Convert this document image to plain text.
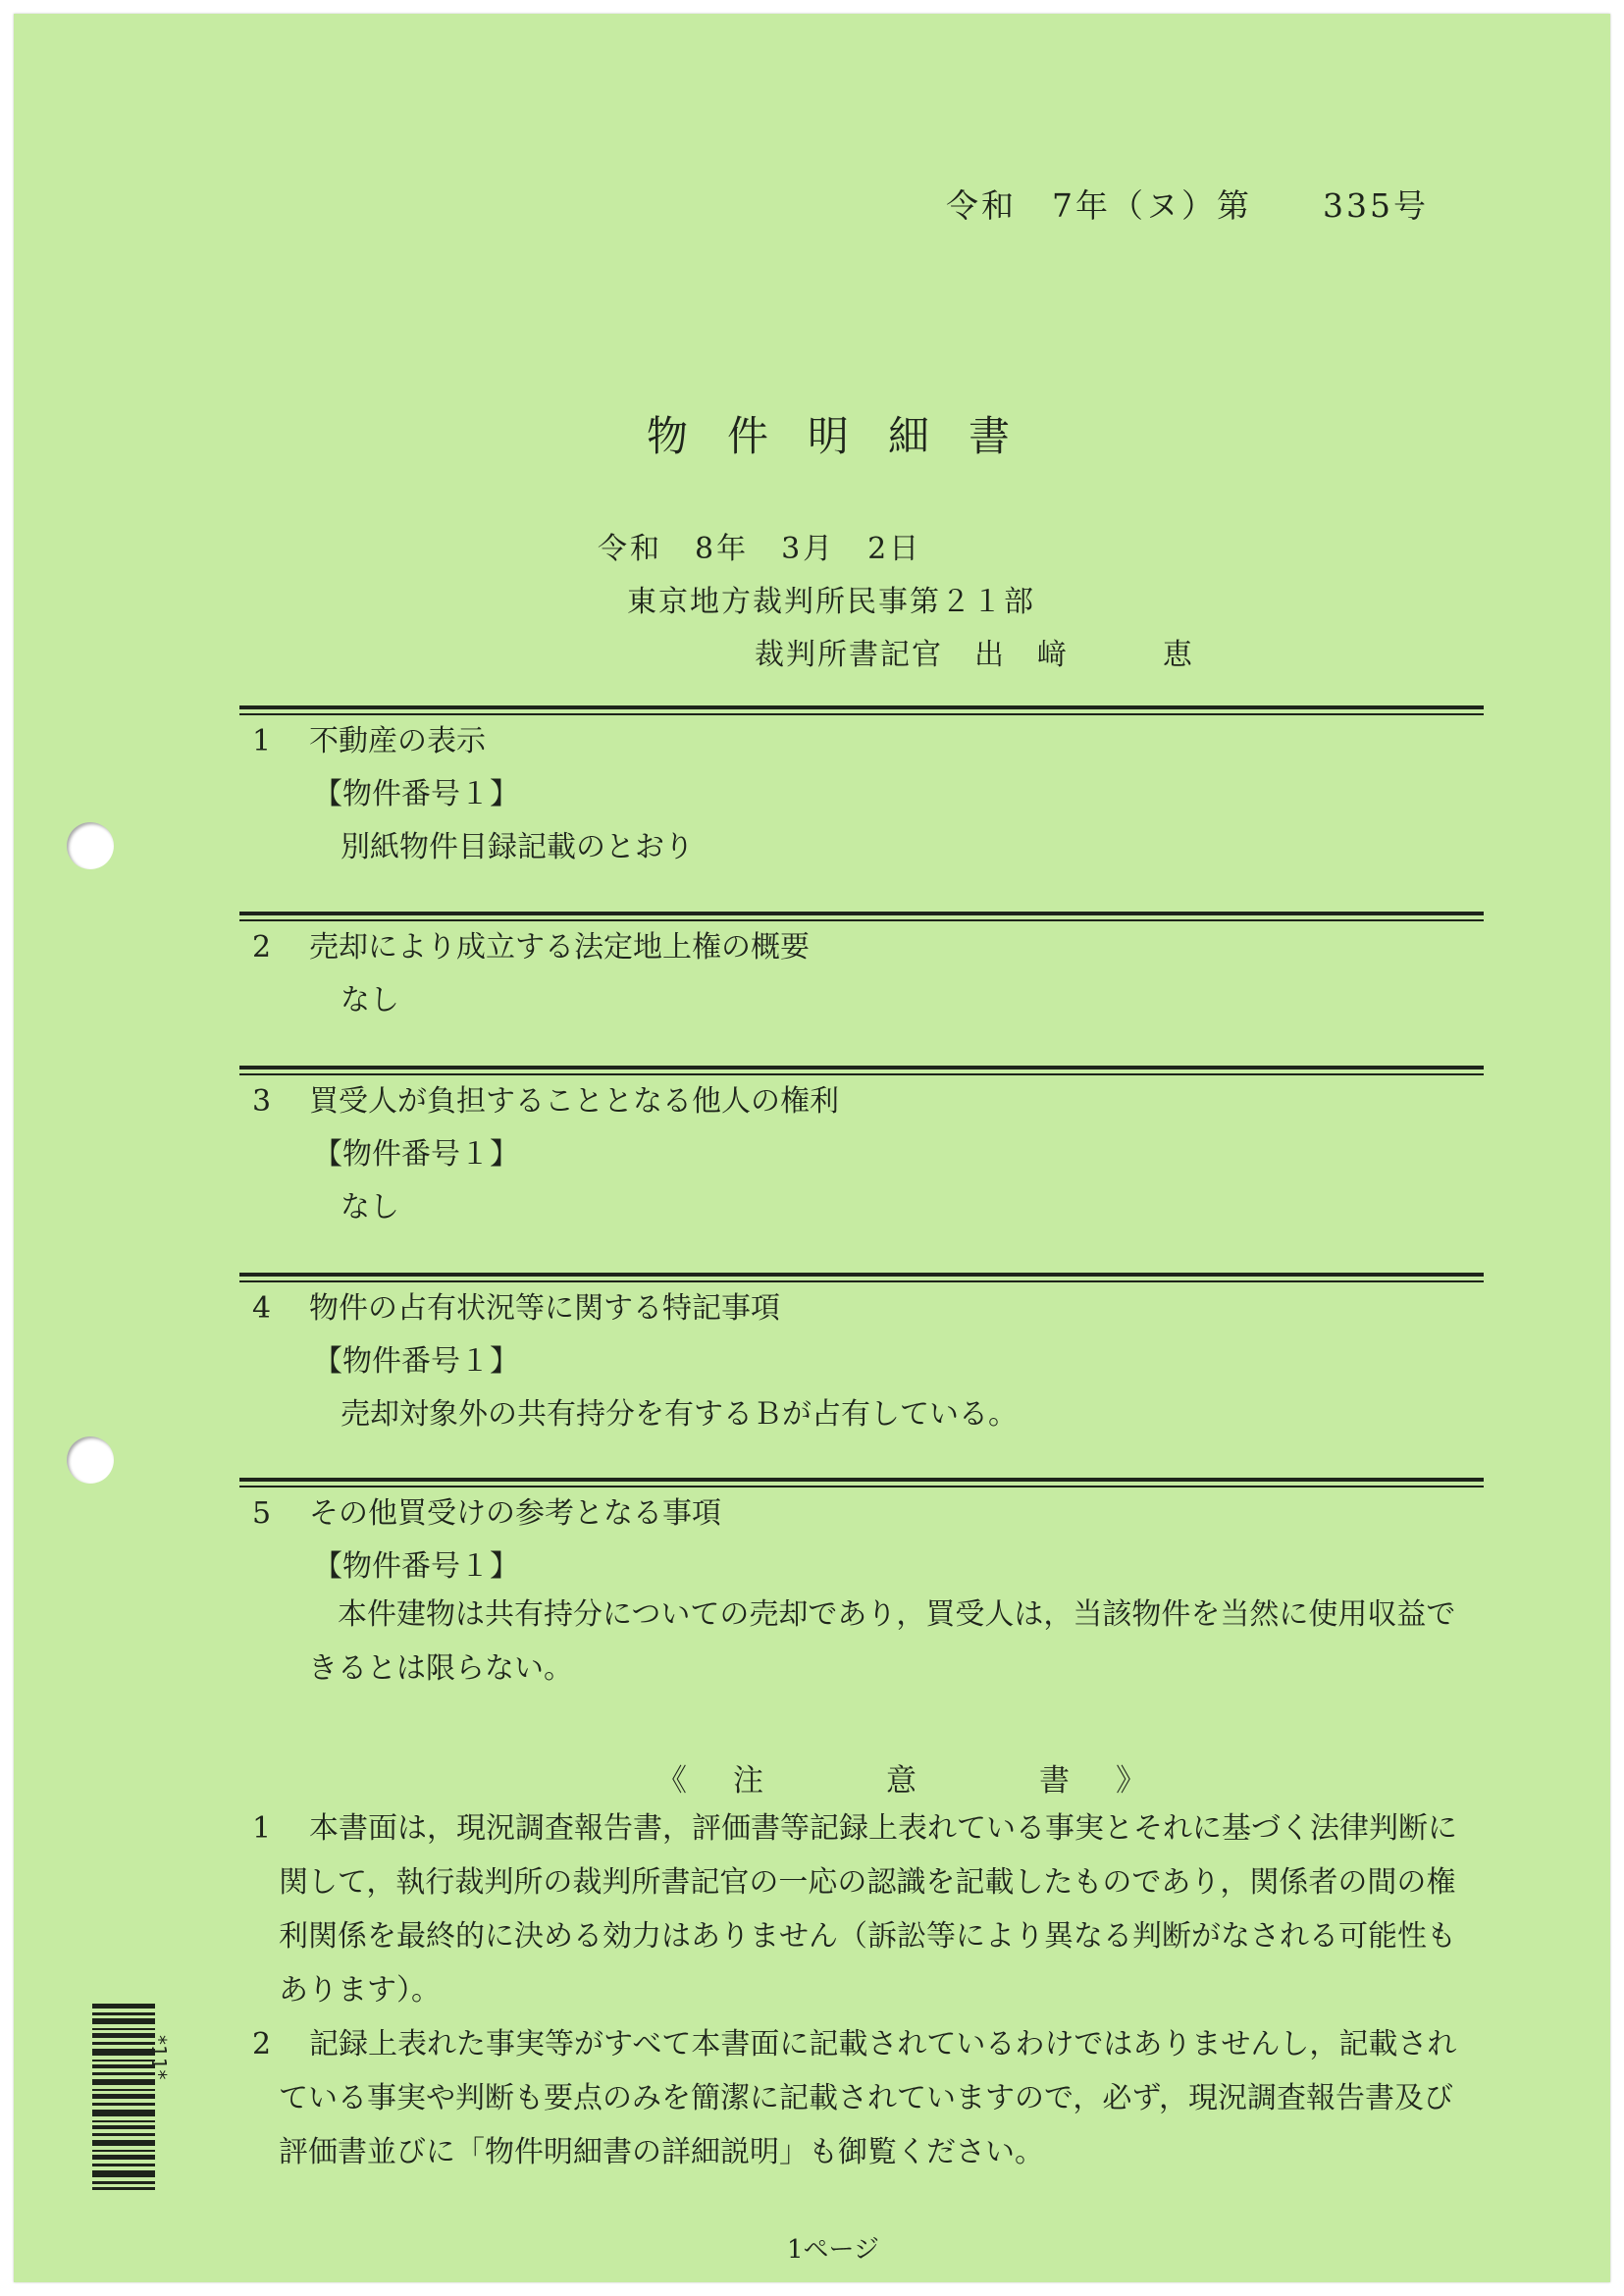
令和　7年（ヌ）第　　335号
物件明細書
令和　8年　3月　2日
東京地方裁判所民事第２１部
裁判所書記官　出　﨑　　　恵
1 不動産の表示
【物件番号１】
別紙物件目録記載のとおり
2 売却により成立する法定地上権の概要
なし
3 買受人が負担することとなる他人の権利
【物件番号１】
なし
4 物件の占有状況等に関する特記事項
【物件番号１】
売却対象外の共有持分を有するＢが占有している。
5 その他買受けの参考となる事項
【物件番号１】
本件建物は共有持分についての売却であり，買受人は，当該物件を当然に使用収益できるとは限らない。
《　注　　　意　　　書　》
1	本書面は，現況調査報告書，評価書等記録上表れている事実とそれに基づく法律判断に関して，執行裁判所の裁判所書記官の一応の認識を記載したものであり，関係者の間の権利関係を最終的に決める効力はありません（訴訟等により異なる判断がなされる可能性もあります）。
2	記録上表れた事実等がすべて本書面に記載されているわけではありませんし，記載されている事実や判断も要点のみを簡潔に記載されていますので，必ず，現況調査報告書及び評価書並びに「物件明細書の詳細説明」も御覧ください。
1ページ
*11*
